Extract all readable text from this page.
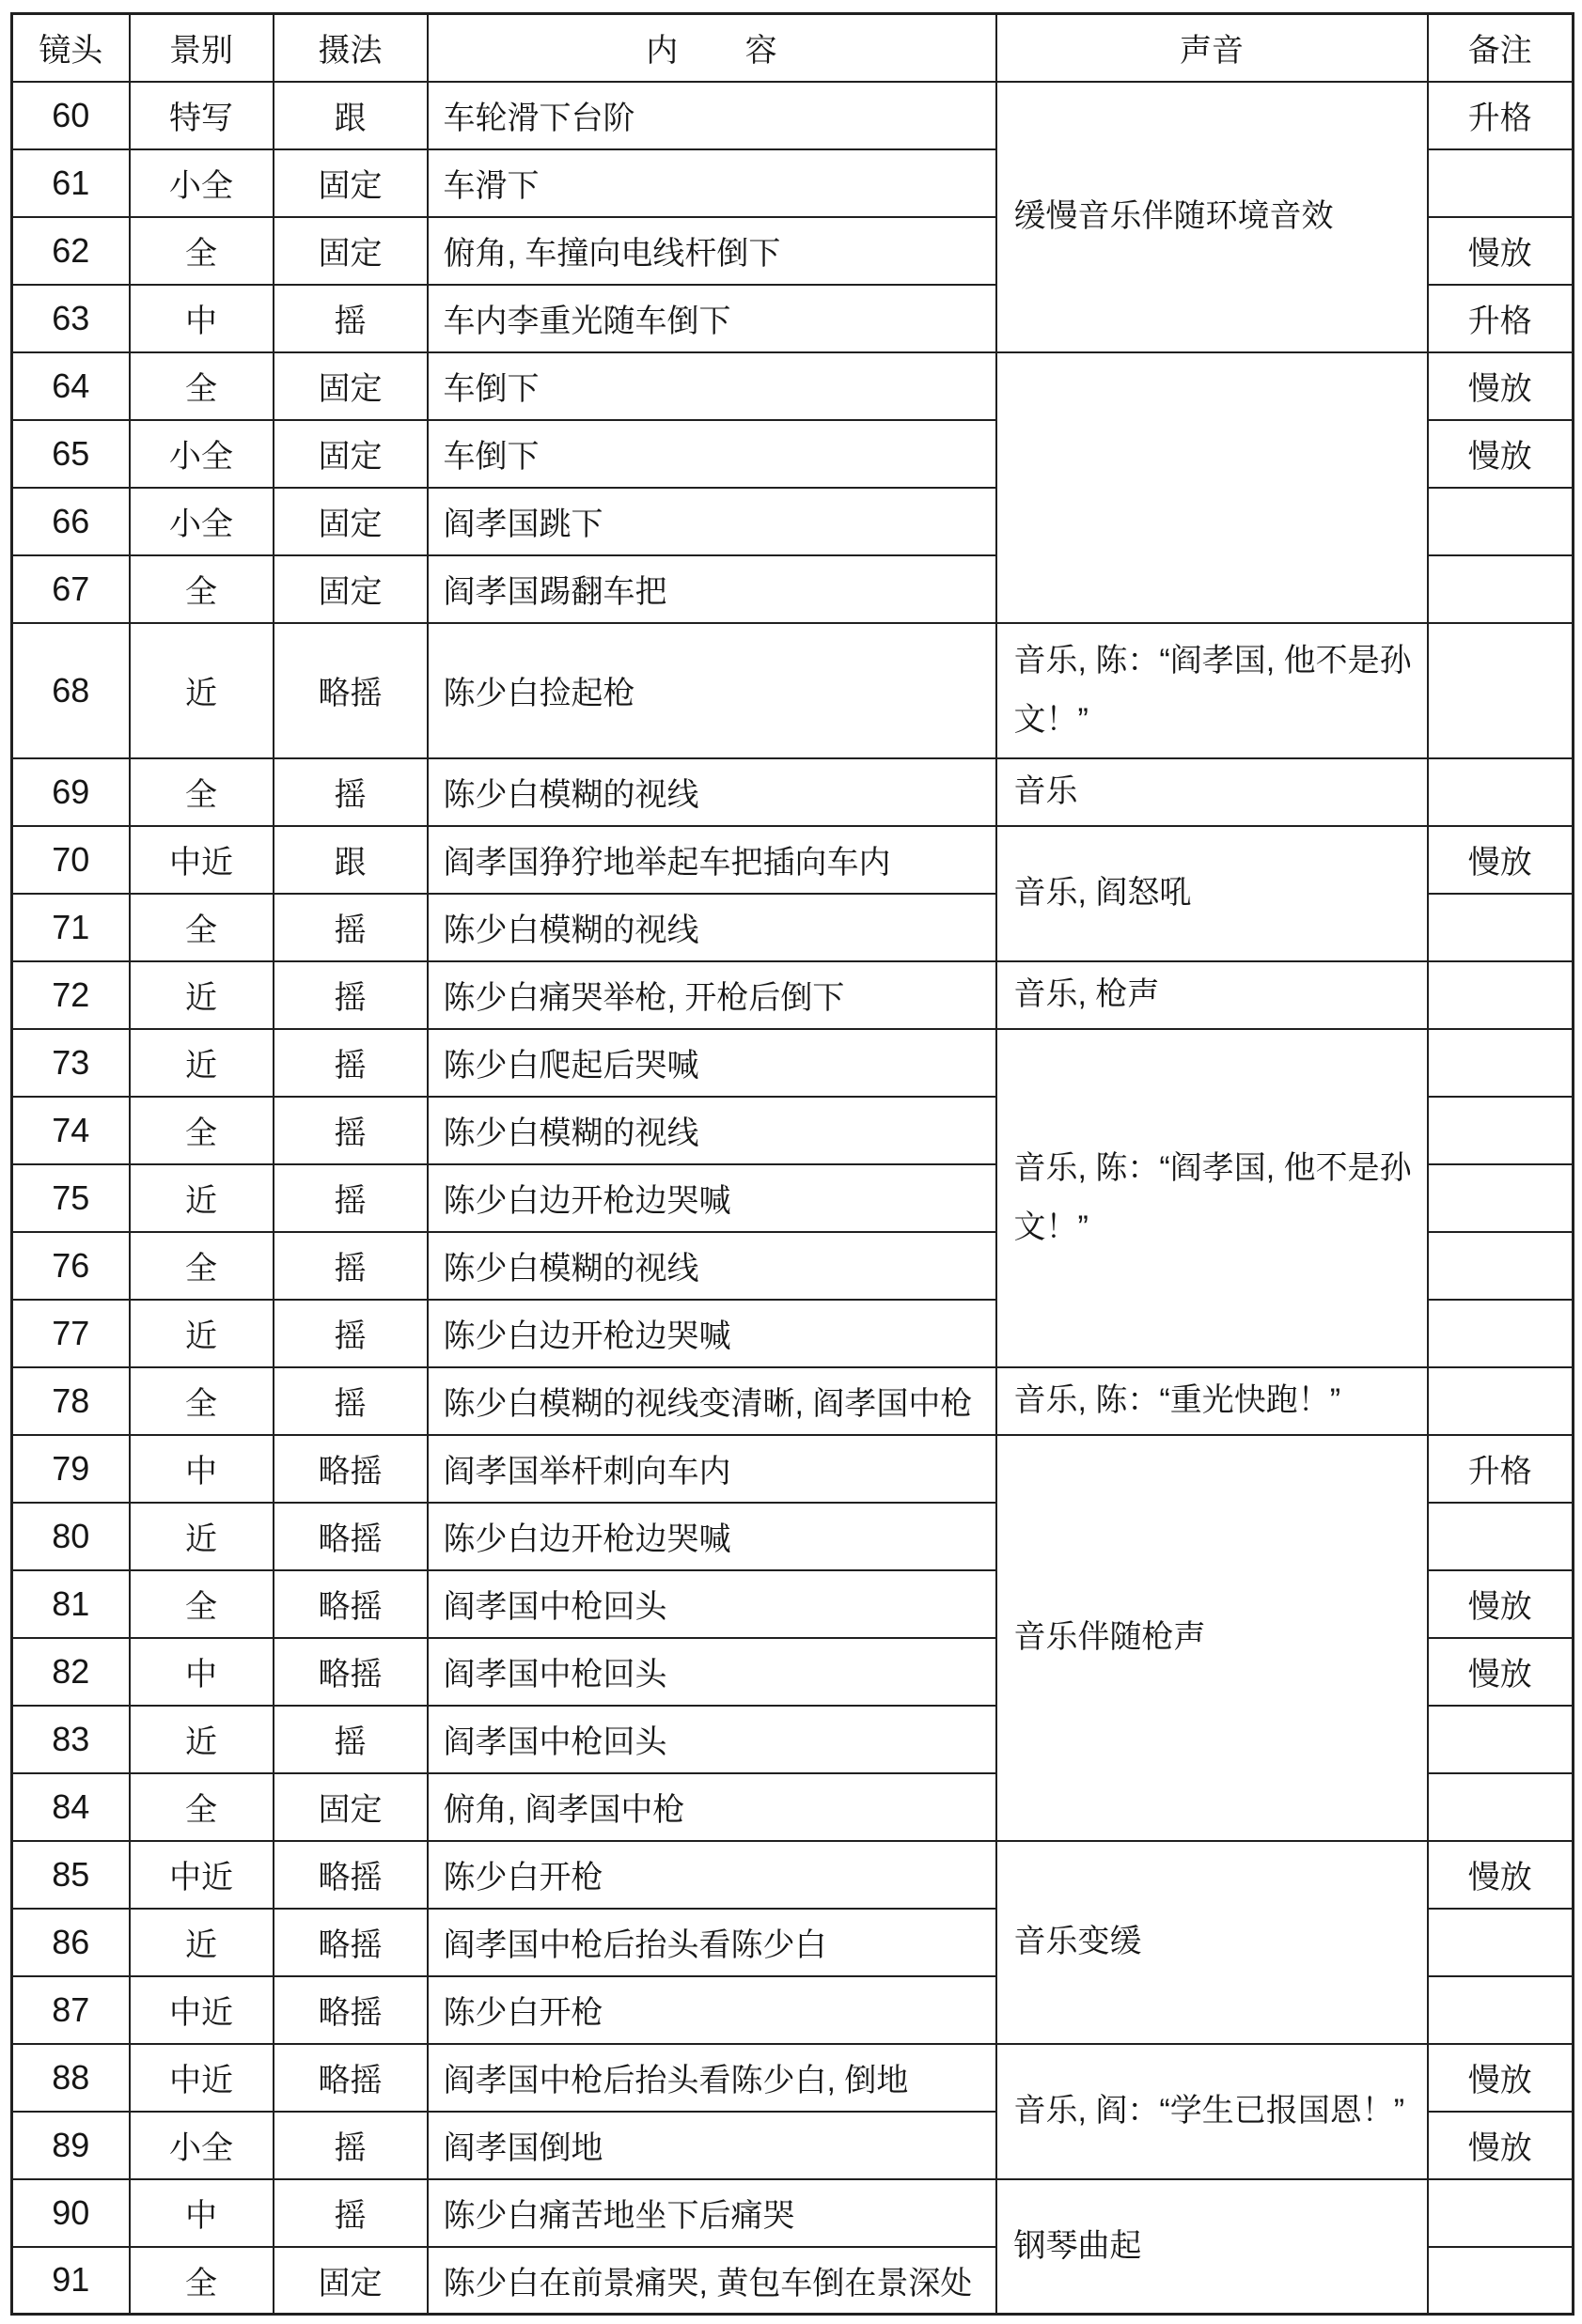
镜头	景别	摄法	内容	声音	备注
60	特写	跟	车轮滑下台阶	缓慢音乐伴随环境音效	升格
61	小全	固定	车滑下		
62	全	固定	俯角, 车撞向电线杆倒下		慢放
63	中	摇	车内李重光随车倒下		升格
64	全	固定	车倒下		慢放
65	小全	固定	车倒下		慢放
66	小全	固定	阎孝国跳下		
67	全	固定	阎孝国踢翻车把		
68	近	略摇	陈少白捡起枪	音乐, 陈：“阎孝国, 他不是孙文！”	
69	全	摇	陈少白模糊的视线	音乐	
70	中近	跟	阎孝国狰狞地举起车把插向车内	音乐, 阎怒吼	慢放
71	全	摇	陈少白模糊的视线		
72	近	摇	陈少白痛哭举枪, 开枪后倒下	音乐, 枪声	
73	近	摇	陈少白爬起后哭喊	音乐, 陈：“阎孝国, 他不是孙文！”	
74	全	摇	陈少白模糊的视线		
75	近	摇	陈少白边开枪边哭喊		
76	全	摇	陈少白模糊的视线		
77	近	摇	陈少白边开枪边哭喊		
78	全	摇	陈少白模糊的视线变清晰, 阎孝国中枪	音乐, 陈：“重光快跑！”	
79	中	略摇	阎孝国举杆刺向车内	音乐伴随枪声	升格
80	近	略摇	陈少白边开枪边哭喊		
81	全	略摇	阎孝国中枪回头		慢放
82	中	略摇	阎孝国中枪回头		慢放
83	近	摇	阎孝国中枪回头		
84	全	固定	俯角, 阎孝国中枪		
85	中近	略摇	陈少白开枪	音乐变缓	慢放
86	近	略摇	阎孝国中枪后抬头看陈少白		
87	中近	略摇	陈少白开枪		
88	中近	略摇	阎孝国中枪后抬头看陈少白, 倒地	音乐, 阎：“学生已报国恩！”	慢放
89	小全	摇	阎孝国倒地		慢放
90	中	摇	陈少白痛苦地坐下后痛哭	钢琴曲起	
91	全	固定	陈少白在前景痛哭, 黄包车倒在景深处		
